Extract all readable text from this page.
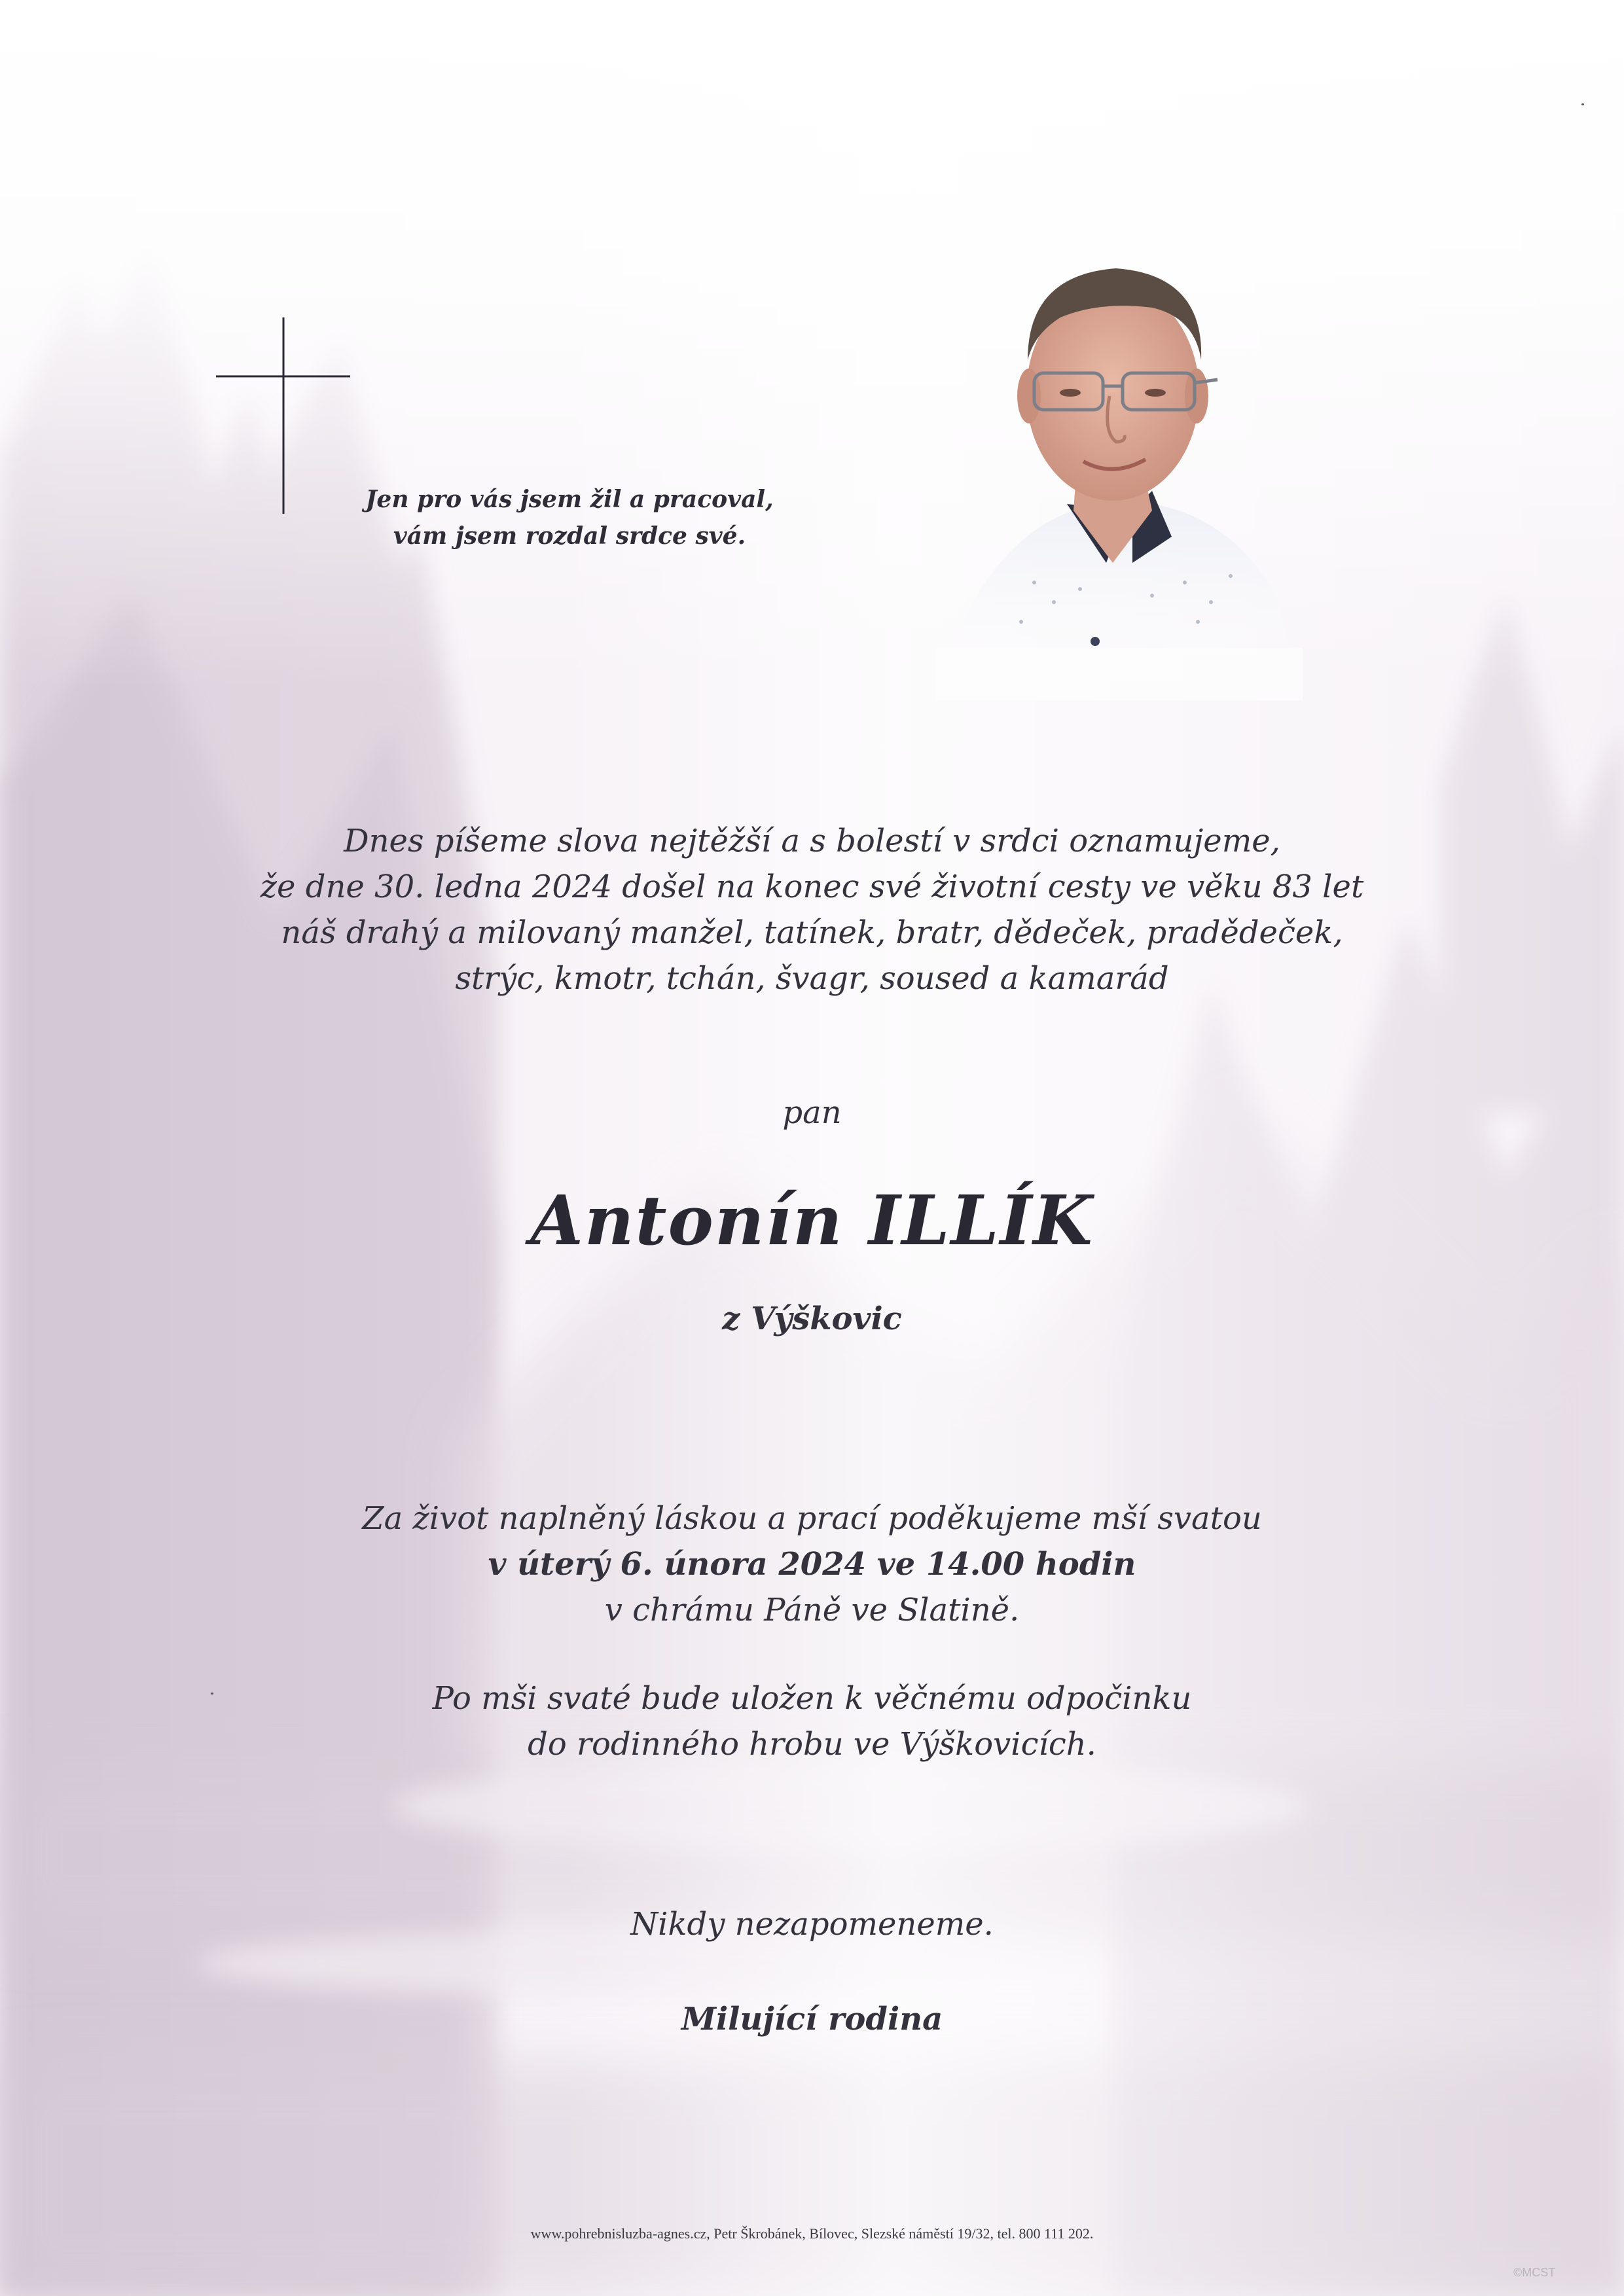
Jen pro vás jsem žil a pracoval,
vám jsem rozdal srdce své.
Dnes píšeme slova nejtěžší a s bolestí v srdci oznamujeme,
že dne 30. ledna 2024 došel na konec své životní cesty ve věku 83 let
náš drahý a milovaný manžel, tatínek, bratr, dědeček, pradědeček,
strýc, kmotr, tchán, švagr, soused a kamarád
pan
Antonín ILLÍK
z Výškovic
Za život naplněný láskou a prací poděkujeme mší svatou
v úterý 6. února 2024 ve 14.00 hodin
v chrámu Páně ve Slatině.
Po mši svaté bude uložen k věčnému odpočinku
do rodinného hrobu ve Výškovicích.
Nikdy nezapomeneme.
Milující rodina
www.pohrebnisluzba-agnes.cz, Petr Škrobánek, Bílovec, Slezské náměstí 19/32, tel. 800 111 202.
©MCST
